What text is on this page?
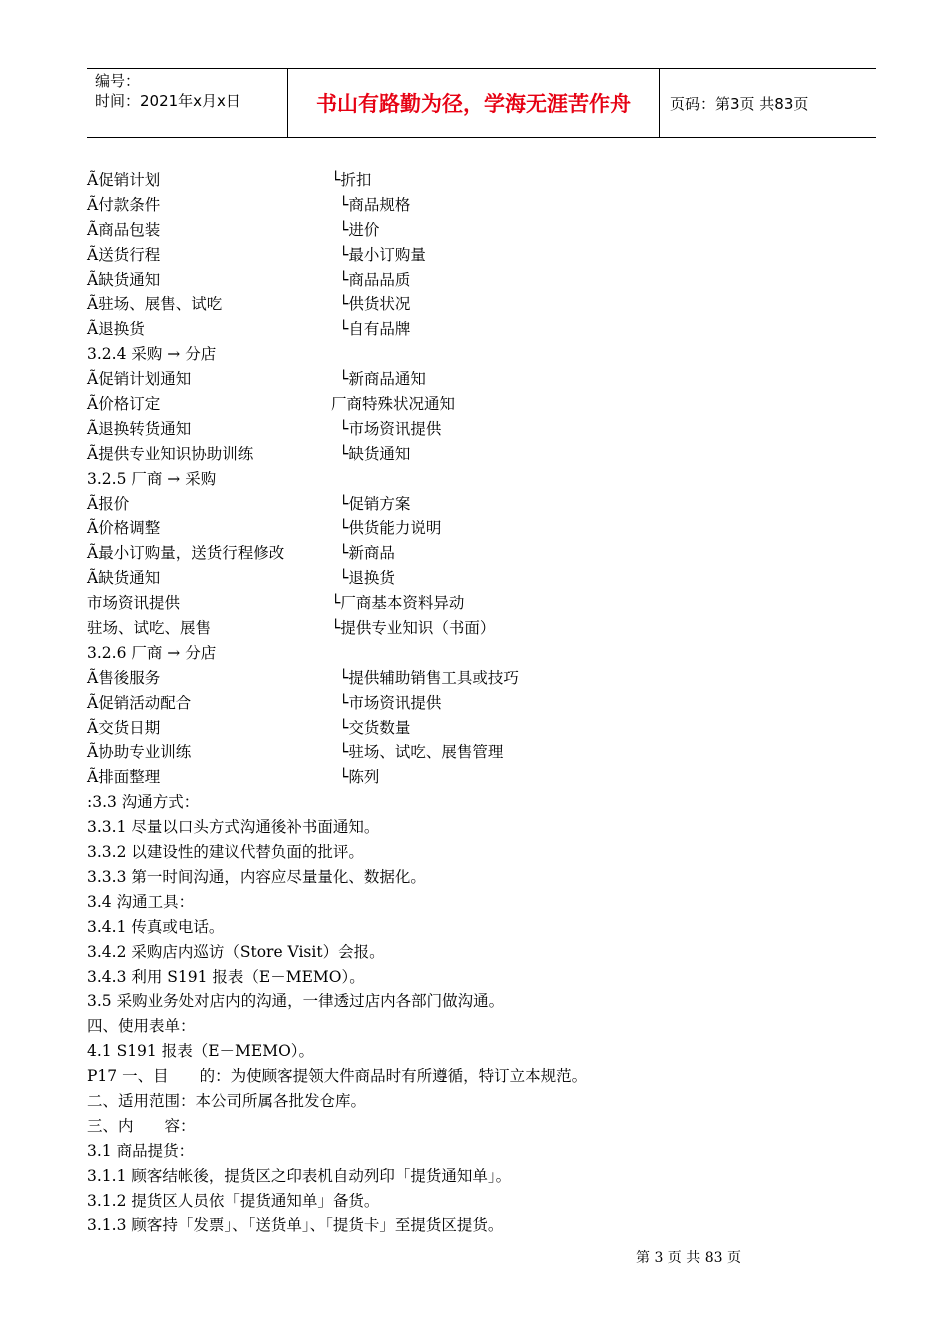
编号：
时间：2021年x月x日	书山有路勤为径，学海无涯苦作舟	页码：第3页 共83页
Ã促销计划	└折扣
Ã付款条件	└商品规格
Ã商品包装	└进价
Ã送货行程	└最小订购量
Ã缺货通知	└商品品质
Ã驻场、展售、试吃	└供货状况
Ã退换货	└自有品牌
3.2.4 采购 → 分店
Ã促销计划通知	└新商品通知
Ã价格订定	厂商特殊状况通知
Ã退换转货通知	└市场资讯提供
Ã提供专业知识协助训练	└缺货通知
3.2.5 厂商 → 采购
Ã报价	└促销方案
Ã价格调整	└供货能力说明
Ã最小订购量，送货行程修改	└新商品
Ã缺货通知	└退换货
市场资讯提供	└厂商基本资料异动
驻场、试吃、展售	└提供专业知识（书面）
3.2.6 厂商 → 分店
Ã售後服务	└提供辅助销售工具或技巧
Ã促销活动配合	└市场资讯提供
Ã交货日期	└交货数量
Ã协助专业训练	└驻场、试吃、展售管理
Ã排面整理	└陈列
:3.3 沟通方式：
3.3.1 尽量以口头方式沟通後补书面通知。
3.3.2 以建设性的建议代替负面的批评。
3.3.3 第一时间沟通，内容应尽量量化、数据化。
3.4 沟通工具：
3.4.1 传真或电话。
3.4.2 采购店内巡访（Store Visit）会报。
3.4.3 利用 S191 报表（E－MEMO）。
3.5 采购业务处对店内的沟通，一律透过店内各部门做沟通。
四、使用表单：
4.1 S191 报表（E－MEMO）。
P17 一、目　　的：为使顾客提领大件商品时有所遵循，特订立本规范。
二、适用范围：本公司所属各批发仓库。
三、内　　容：
3.1 商品提货：
3.1.1 顾客结帐後，提货区之印表机自动列印「提货通知单」。
3.1.2 提货区人员依「提货通知单」备货。
3.1.3 顾客持「发票」、「送货单」、「提货卡」至提货区提货。
第 3 页 共 83 页
